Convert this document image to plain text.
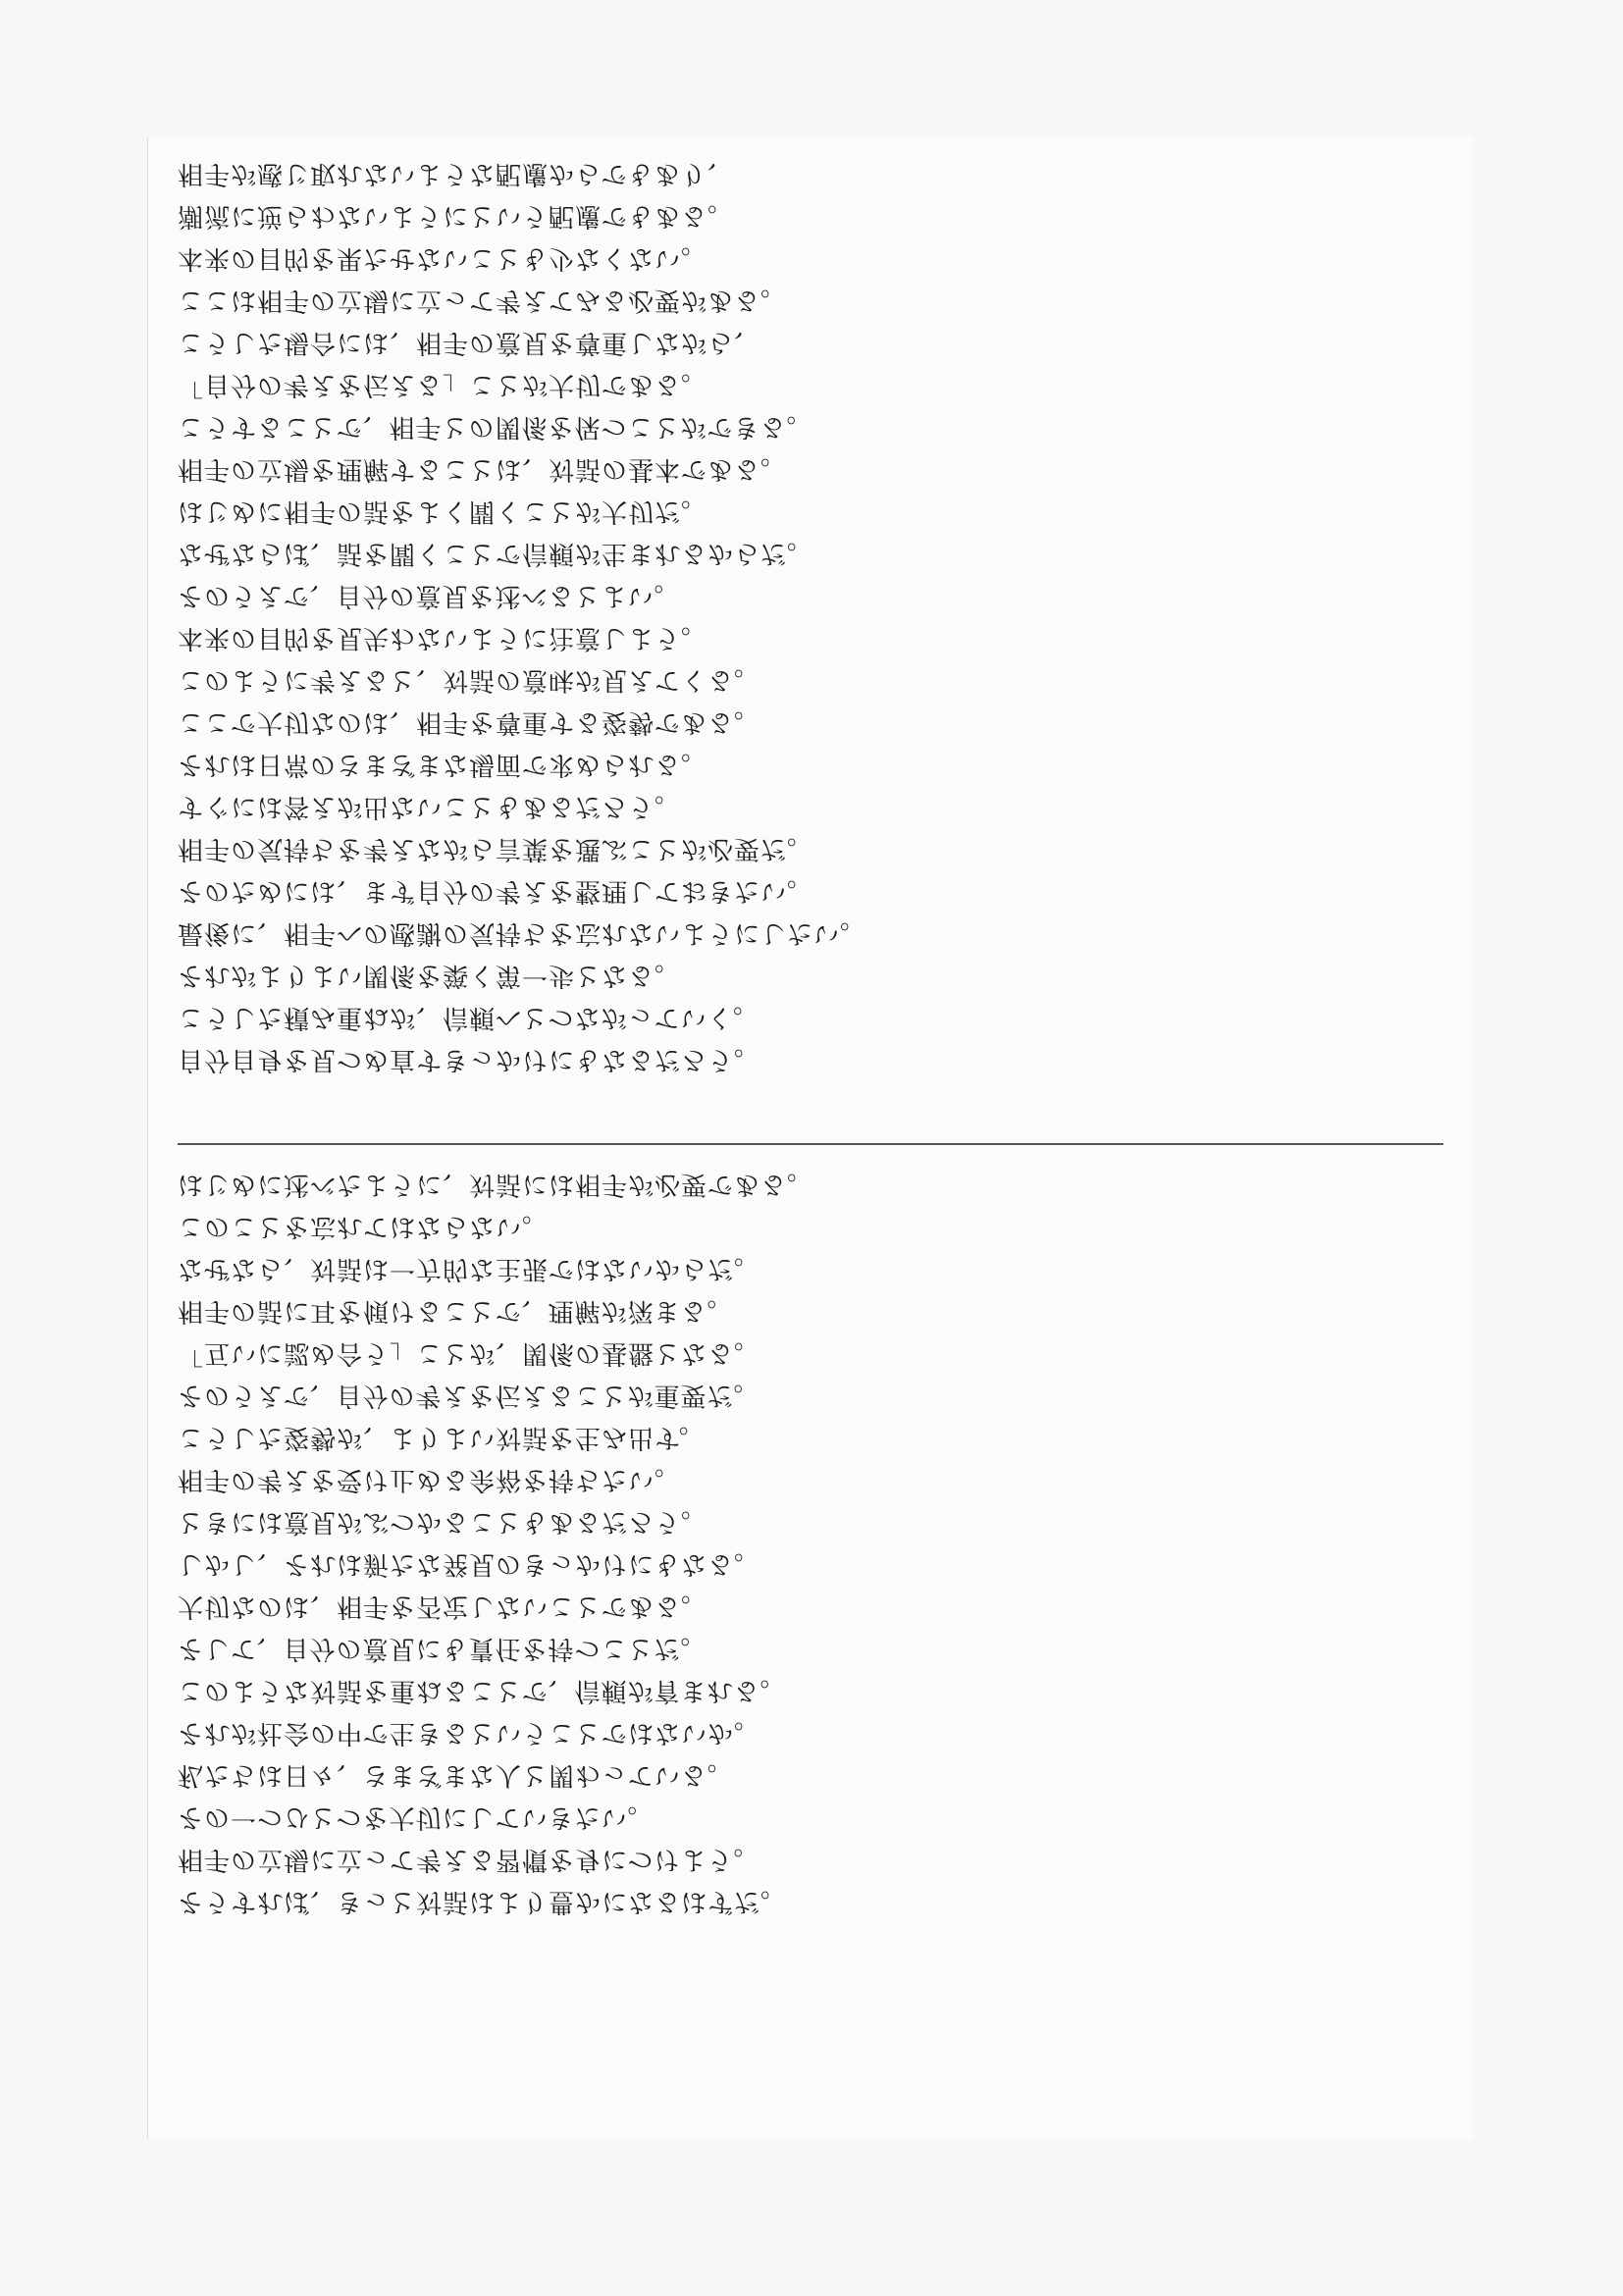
相手が感じ取れないような配慮からでもあり、
潮流に逆らわないようにという配慮でもある。
本来の目的を果たせないことも少なくない。
ここは相手の立場に立って考えてみる必要がある。
こうした場合には、相手の意見を尊重しながら、
「自分の考えを伝える」ことが大切である。
こうすることで、相手との関係を保つことができる。
相手の立場を理解することは、対話の基本である。
はじめに相手の話をよく聞くことが大切だ。
なぜならば、話を聞くことで信頼が生まれるからだ。
そのうえで、自分の意見を述べるとよい。
本来の目的を見失わないように注意しよう。
このように考えると、対話の意味が見えてくる。
ここで大切なのは、相手を尊重する姿勢である。
それは日常のさまざまな場面で求められる。
すぐには答えが出ないこともあるだろう。
相手の気持ちを考えながら言葉を選ぶことが必要だ。
そのためには、まず自分の考えを整理しておきたい。
最後に、相手への感謝の気持ちを忘れないようにしたい。
それがよりよい関係を築く第一歩となる。
こうした積み重ねが、信頼へとつながっていく。
自分自身を見つめ直すきっかけにもなるだろう。
はじめに述べたように、対話には相手が必要である。
このことを忘れてはならない。
なぜなら、対話は一方的な主張ではないからだ。
相手の話に耳を傾けることで、理解が深まる。
「互いに認め合う」ことが、関係の基盤となる。
そのうえで、自分の考えを伝えることが重要だ。
こうした姿勢が、よりよい対話を生み出す。
相手の考えを受け止める余裕を持ちたい。
ときには意見がぶつかることもあるだろう。
しかし、それは新たな発見のきっかけにもなる。
大切なのは、相手を否定しないことである。
そして、自分の意見にも責任を持つことだ。
このような対話を重ねることで、信頼が育まれる。
それが社会の中で生きるということではないか。
私たちは日々、さまざまな人と関わっている。
その一つひとつを大切にしていきたい。
相手の立場に立って考える習慣を身につけよう。
そうすれば、きっと対話はより豊かになるはずだ。
